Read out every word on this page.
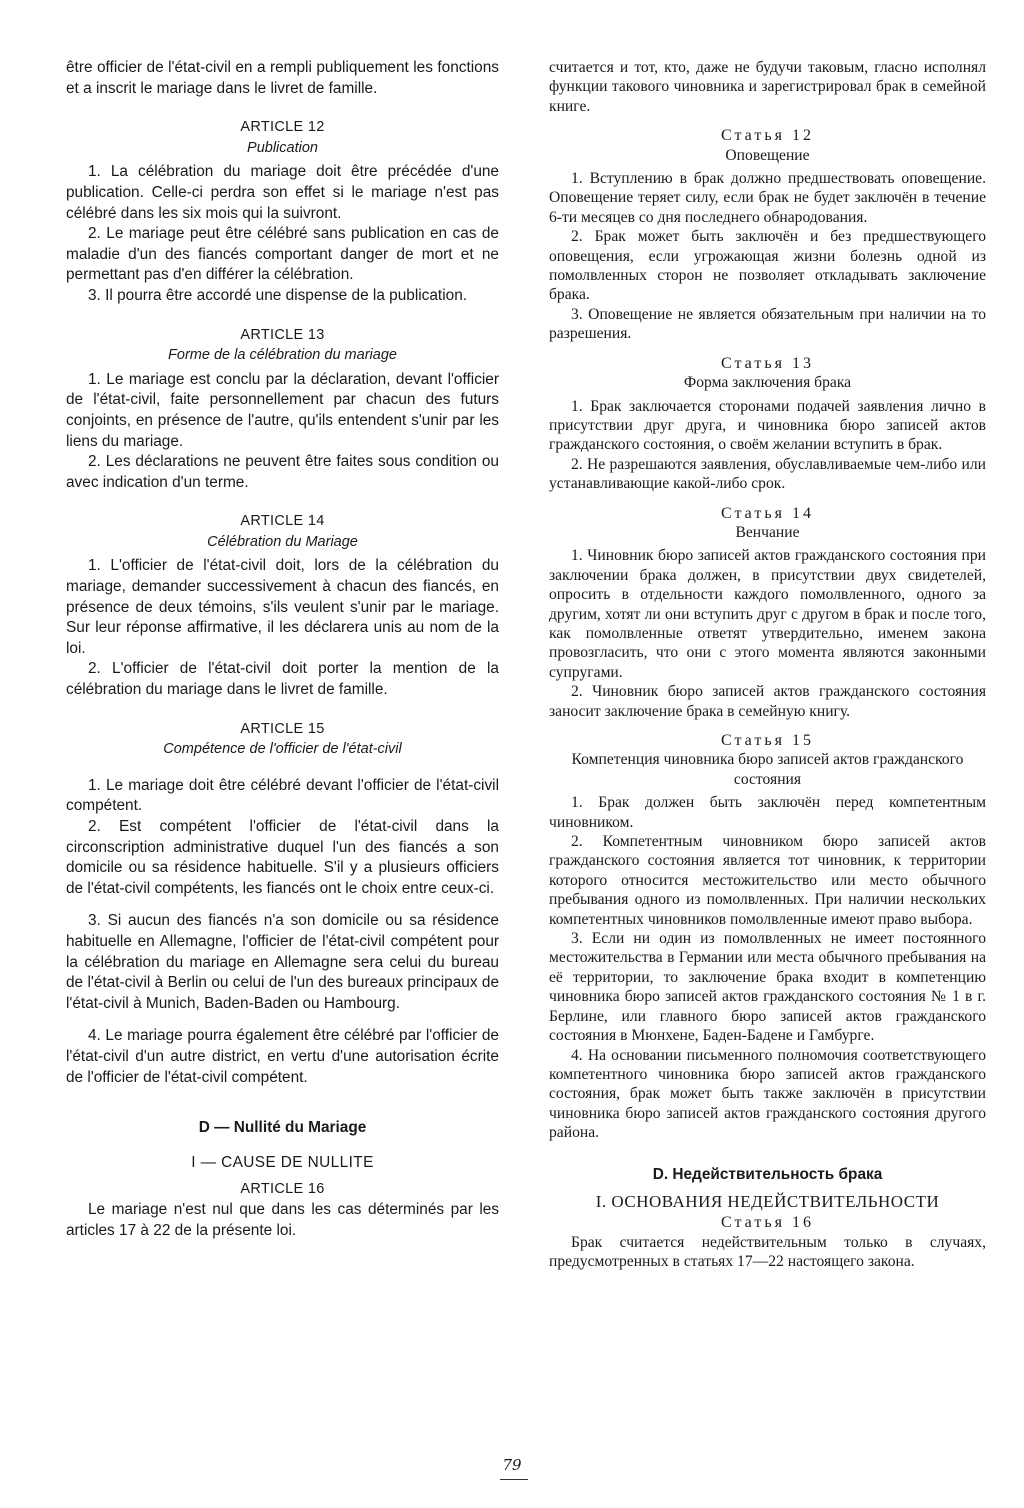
être officier de l'état-civil en a rempli publiquement les fonctions et a inscrit le mariage dans le livret de famille.

ARTICLE 12
Publication

1. La célébration du mariage doit être précédée d'une publication. Celle-ci perdra son effet si le mariage n'est pas célébré dans les six mois qui la suivront.

2. Le mariage peut être célébré sans publication en cas de maladie d'un des fiancés comportant danger de mort et ne permettant pas d'en différer la célébration.

3. Il pourra être accordé une dispense de la publication.

ARTICLE 13
Forme de la célébration du mariage

1. Le mariage est conclu par la déclaration, devant l'officier de l'état-civil, faite personnellement par chacun des futurs conjoints, en présence de l'autre, qu'ils entendent s'unir par les liens du mariage.

2. Les déclarations ne peuvent être faites sous condition ou avec indication d'un terme.

ARTICLE 14
Célébration du Mariage

1. L'officier de l'état-civil doit, lors de la célébration du mariage, demander successivement à chacun des fiancés, en présence de deux témoins, s'ils veulent s'unir par le mariage. Sur leur réponse affirmative, il les déclarera unis au nom de la loi.

2. L'officier de l'état-civil doit porter la mention de la célébration du mariage dans le livret de famille.

ARTICLE 15
Compétence de l'officier de l'état-civil

1. Le mariage doit être célébré devant l'officier de l'état-civil compétent.

2. Est compétent l'officier de l'état-civil dans la circonscription administrative duquel l'un des fiancés a son domicile ou sa résidence habituelle. S'il y a plusieurs officiers de l'état-civil compétents, les fiancés ont le choix entre ceux-ci.

3. Si aucun des fiancés n'a son domicile ou sa résidence habituelle en Allemagne, l'officier de l'état-civil compétent pour la célébration du mariage en Allemagne sera celui du bureau de l'état-civil à Berlin ou celui de l'un des bureaux principaux de l'état-civil à Munich, Baden-Baden ou Hambourg.

4. Le mariage pourra également être célébré par l'officier de l'état-civil d'un autre district, en vertu d'une autorisation écrite de l'officier de l'état-civil compétent.

D — Nullité du Mariage
I — CAUSE DE NULLITE
ARTICLE 16

Le mariage n'est nul que dans les cas déterminés par les articles 17 à 22 de la présente loi.

считается и тот, кто, даже не будучи таковым, гласно исполнял функции такового чиновника и зарегистрировал брак в семейной книге.

Статья 12
Оповещение

1. Вступлению в брак должно предшествовать оповещение. Оповещение теряет силу, если брак не будет заключён в течение 6-ти месяцев со дня последнего обнародования.

2. Брак может быть заключён и без предшествующего оповещения, если угрожающая жизни болезнь одной из помолвленных сторон не позволяет откладывать заключение брака.

3. Оповещение не является обязательным при наличии на то разрешения.

Статья 13
Форма заключения брака

1. Брак заключается сторонами подачей заявления лично в присутствии друг друга, и чиновника бюро записей актов гражданского состояния, о своём желании вступить в брак.

2. Не разрешаются заявления, обуславливаемые чем-либо или устанавливающие какой-либо срок.

Статья 14
Венчание

1. Чиновник бюро записей актов гражданского состояния при заключении брака должен, в присутствии двух свидетелей, опросить в отдельности каждого помолвленного, одного за другим, хотят ли они вступить друг с другом в брак и после того, как помолвленные ответят утвердительно, именем закона провозгласить, что они с этого момента являются законными супругами.

2. Чиновник бюро записей актов гражданского состояния заносит заключение брака в семейную книгу.

Статья 15
Компетенция чиновника бюро записей актов гражданского состояния

1. Брак должен быть заключён перед компетентным чиновником.

2. Компетентным чиновником бюро записей актов гражданского состояния является тот чиновник, к территории которого относится местожительство или место обычного пребывания одного из помолвленных. При наличии нескольких компетентных чиновников помолвленные имеют право выбора.

3. Если ни один из помолвленных не имеет постоянного местожительства в Германии или места обычного пребывания на её территории, то заключение брака входит в компетенцию чиновника бюро записей актов гражданского состояния № 1 в г. Берлине, или главного бюро записей актов гражданского состояния в Мюнхене, Баден-Бадене и Гамбурге.

4. На основании письменного полномочия соответствующего компетентного чиновника бюро записей актов гражданского состояния, брак может быть также заключён в присутствии чиновника бюро записей актов гражданского состояния другого района.

D. Недействительность брака
I. ОСНОВАНИЯ НЕДЕЙСТВИТЕЛЬНОСТИ
Статья 16

Брак считается недействительным только в случаях, предусмотренных в статьях 17—22 настоящего закона.

79
